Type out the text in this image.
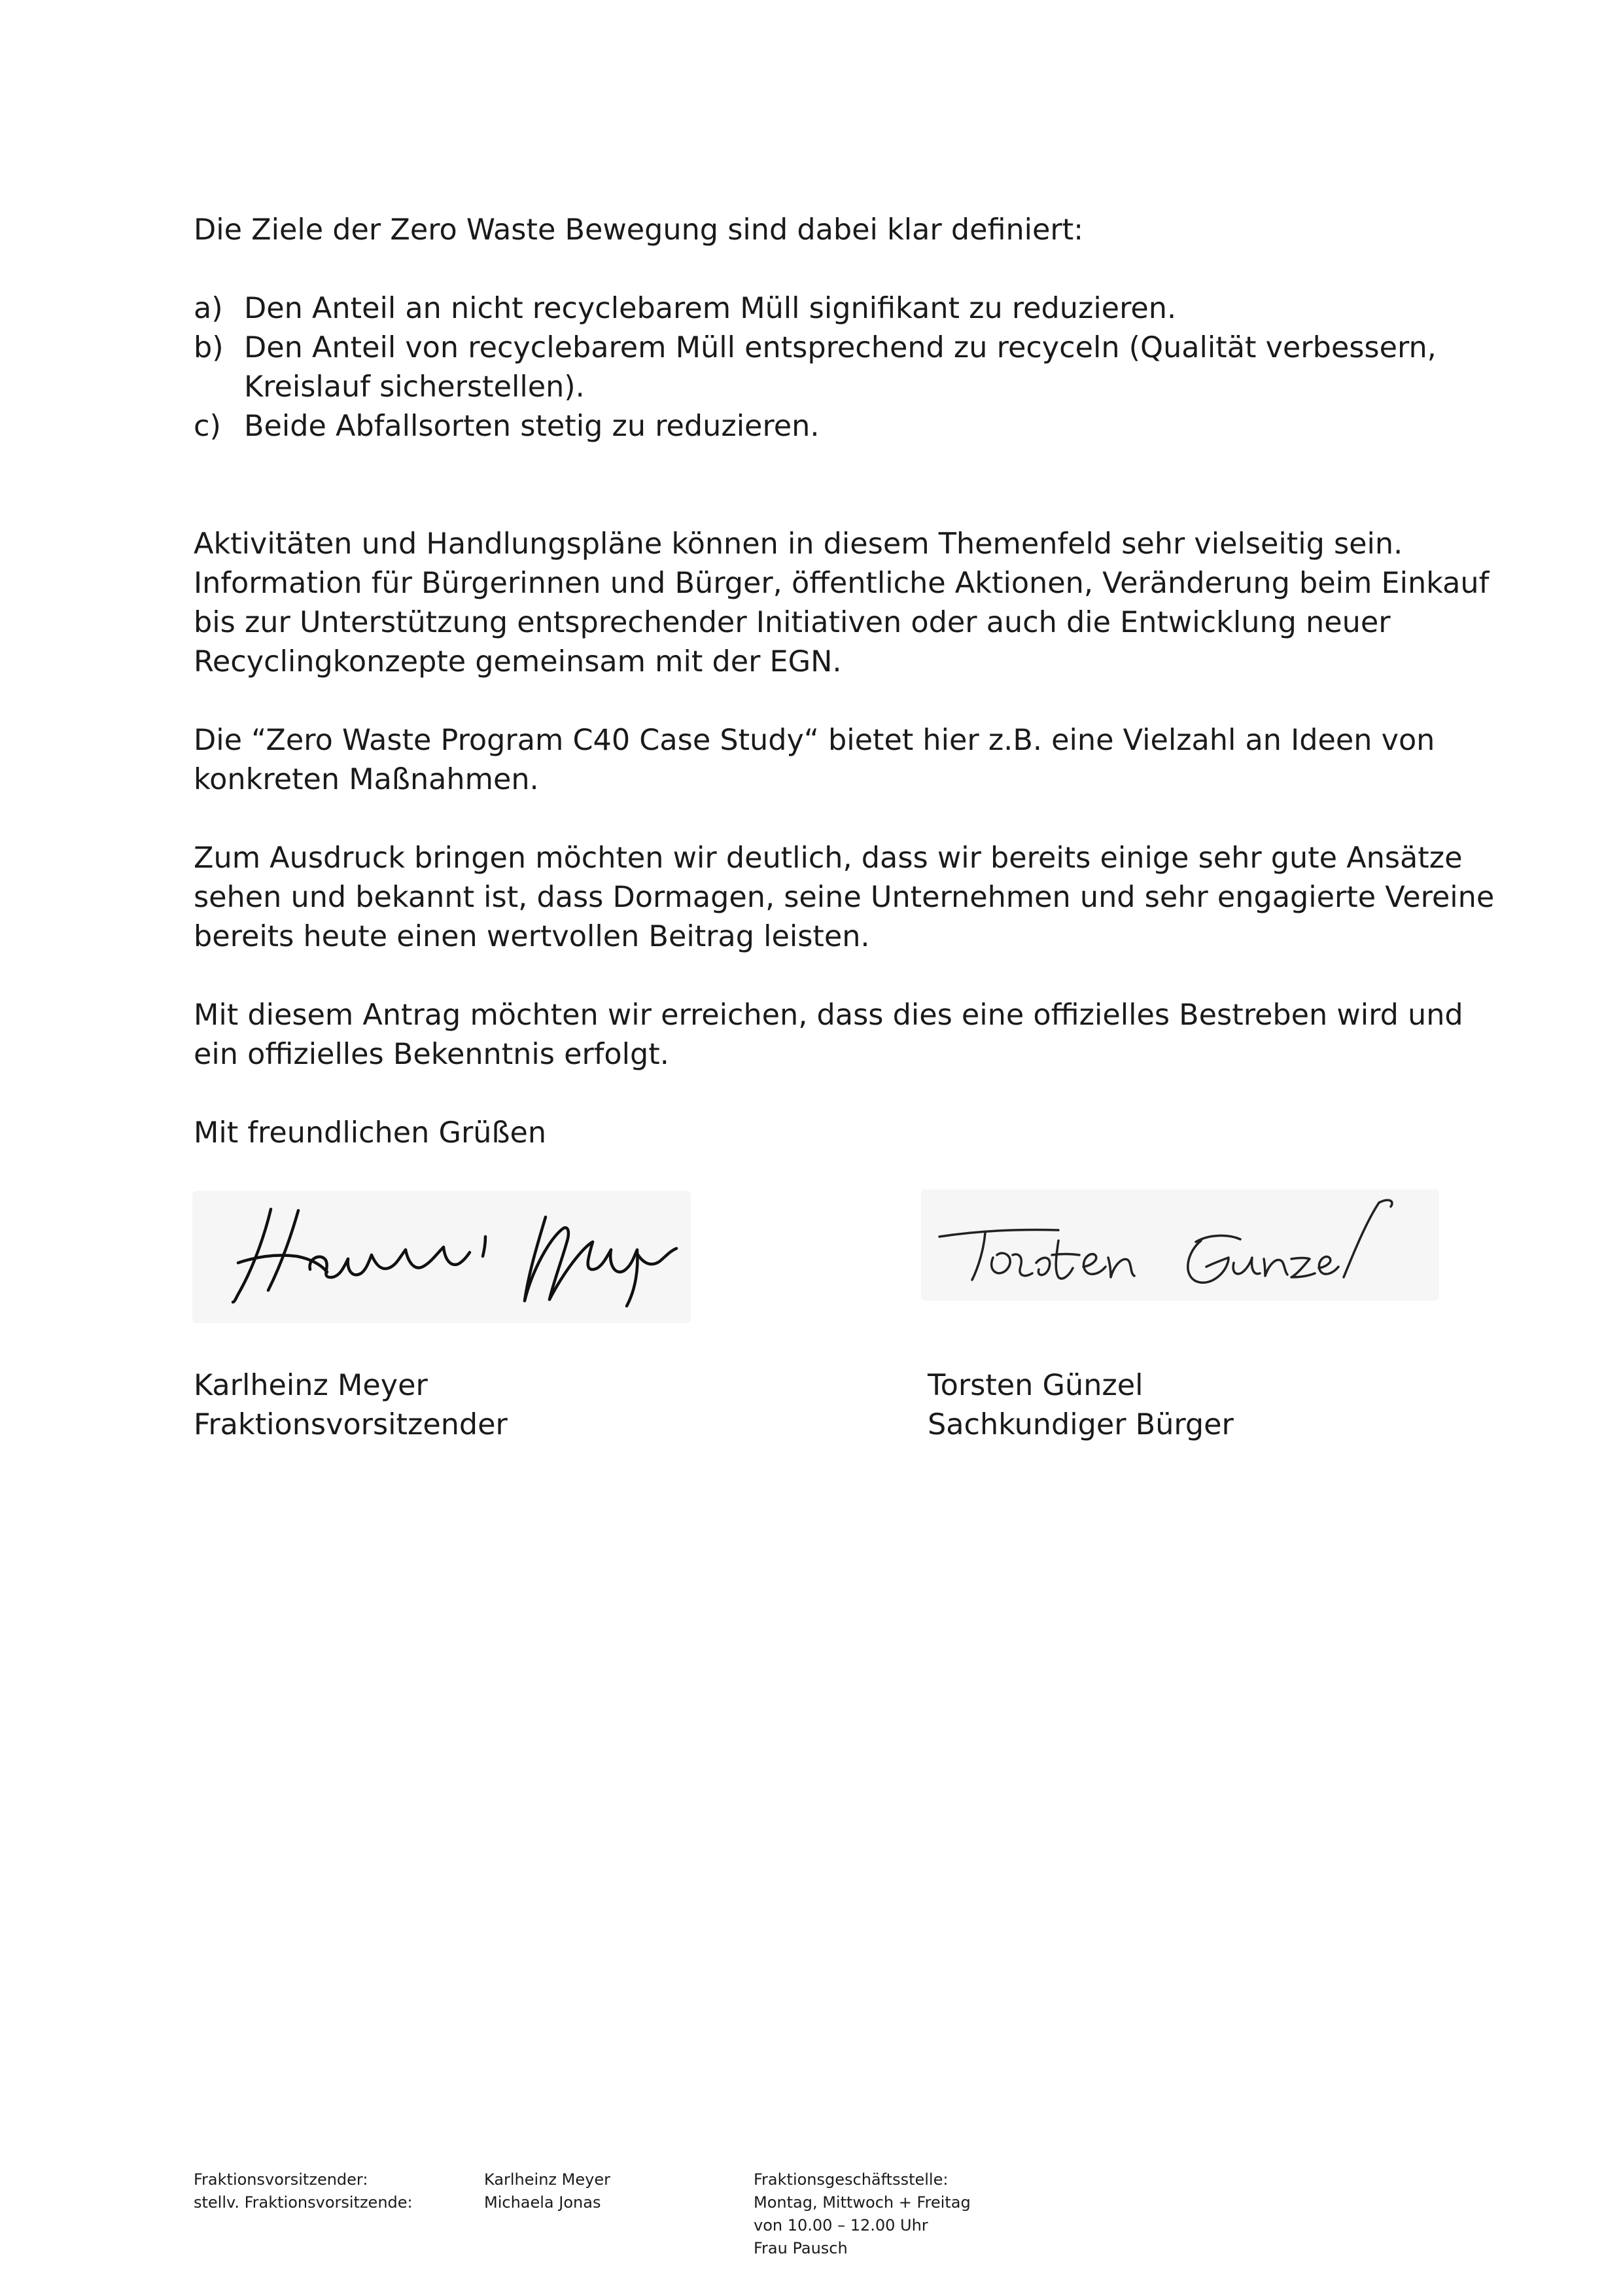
Die Ziele der Zero Waste Bewegung sind dabei klar definiert:

a) Den Anteil an nicht recyclebarem Müll signifikant zu reduzieren.
b) Den Anteil von recyclebarem Müll entsprechend zu recyceln (Qualität verbessern, Kreislauf sicherstellen).
c) Beide Abfallsorten stetig zu reduzieren.

Aktivitäten und Handlungspläne können in diesem Themenfeld sehr vielseitig sein. Information für Bürgerinnen und Bürger, öffentliche Aktionen, Veränderung beim Einkauf bis zur Unterstützung entsprechender Initiativen oder auch die Entwicklung neuer Recyclingkonzepte gemeinsam mit der EGN.

Die “Zero Waste Program C40 Case Study“ bietet hier z.B. eine Vielzahl an Ideen von konkreten Maßnahmen.

Zum Ausdruck bringen möchten wir deutlich, dass wir bereits einige sehr gute Ansätze sehen und bekannt ist, dass Dormagen, seine Unternehmen und sehr engagierte Vereine bereits heute einen wertvollen Beitrag leisten.

Mit diesem Antrag möchten wir erreichen, dass dies eine offizielles Bestreben wird und ein offizielles Bekenntnis erfolgt.

Mit freundlichen Grüßen

Karlheinz Meyer
Fraktionsvorsitzender
Torsten Günzel
Sachkundiger Bürger
Fraktionsvorsitzender:
stellv. Fraktionsvorsitzende:
Karlheinz Meyer
Michaela Jonas
Fraktionsgeschäftsstelle:
Montag, Mittwoch + Freitag
von 10.00 – 12.00 Uhr
Frau Pausch
